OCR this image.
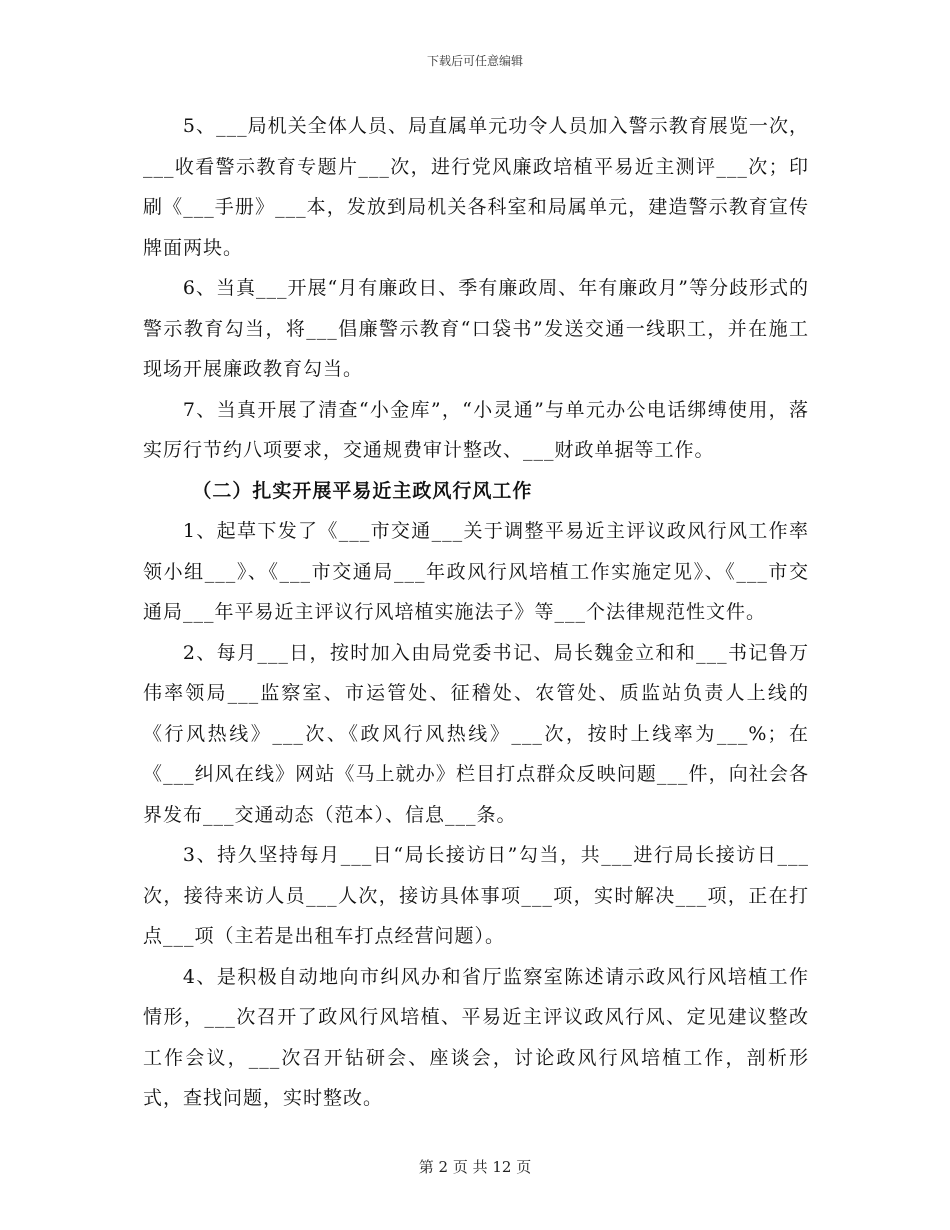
下载后可任意编辑

5、___局机关全体人员、局直属单元功令人员加入警示教育展览一次，___收看警示教育专题片___次，进行党风廉政培植平易近主测评___次；印刷《___手册》___本，发放到局机关各科室和局属单元，建造警示教育宣传牌面两块。

6、当真___开展“月有廉政日、季有廉政周、年有廉政月”等分歧形式的警示教育勾当，将___倡廉警示教育“口袋书”发送交通一线职工，并在施工现场开展廉政教育勾当。

7、当真开展了清查“小金库”，“小灵通”与单元办公电话绑缚使用，落实厉行节约八项要求，交通规费审计整改、___财政单据等工作。

（二）扎实开展平易近主政风行风工作

1、起草下发了《___市交通___关于调整平易近主评议政风行风工作率领小组___》、《___市交通局___年政风行风培植工作实施定见》、《___市交通局___年平易近主评议行风培植实施法子》等___个法律规范性文件。

2、每月___日，按时加入由局党委书记、局长魏金立和和___书记鲁万伟率领局___监察室、市运管处、征稽处、农管处、质监站负责人上线的《行风热线》___次、《政风行风热线》___次，按时上线率为___%；在《___纠风在线》网站《马上就办》栏目打点群众反映问题___件，向社会各界发布___交通动态（范本）、信息___条。

3、持久坚持每月___日“局长接访日”勾当，共___进行局长接访日___次，接待来访人员___人次，接访具体事项___项，实时解决___项，正在打点___项（主若是出租车打点经营问题）。

4、是积极自动地向市纠风办和省厅监察室陈述请示政风行风培植工作情形，___次召开了政风行风培植、平易近主评议政风行风、定见建议整改工作会议，___次召开钻研会、座谈会，讨论政风行风培植工作，剖析形式，查找问题，实时整改。

第 2 页 共 12 页
